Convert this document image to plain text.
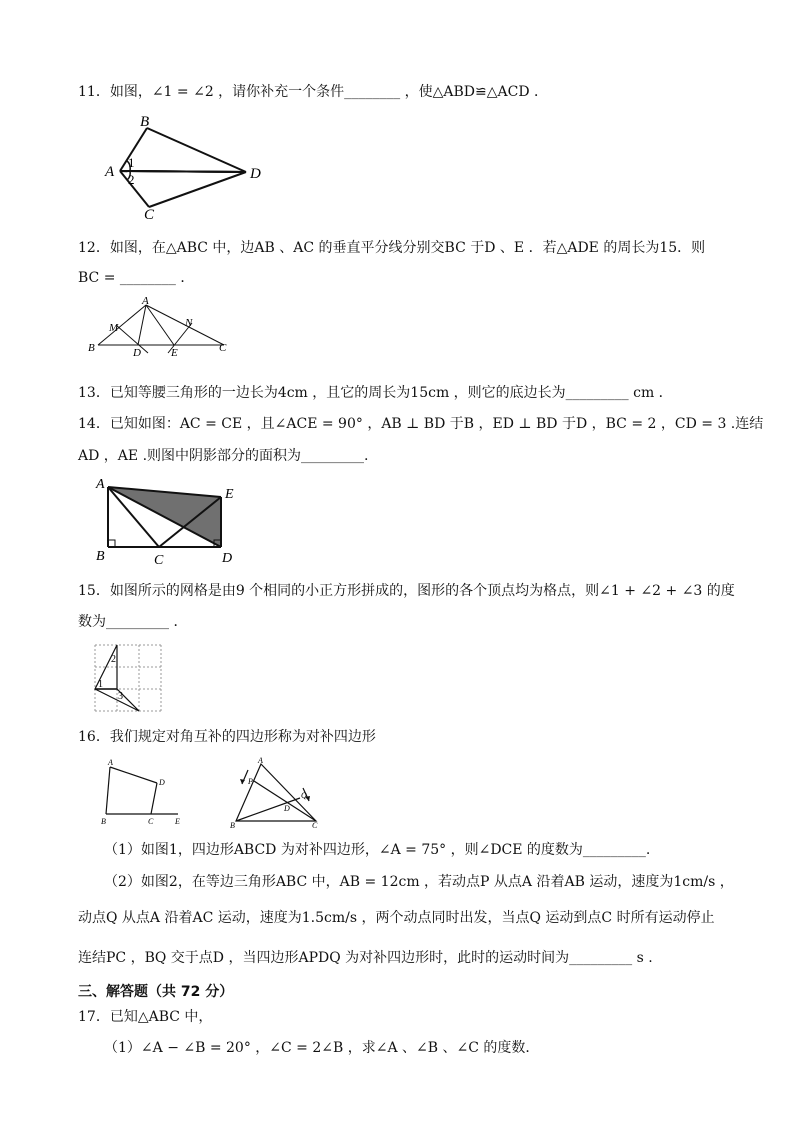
11．如图，∠1 = ∠2 ，请你补充一个条件________ ，使△ABD≌△ACD ．
B
A
C
D
1
2
12．如图，在△ABC 中，边AB 、AC 的垂直平分线分别交BC 于D 、E ．若△ADE 的周长为15．则
BC = ________ ．
A
B	C
D	E
M	N
13．已知等腰三角形的一边长为4cm ，且它的周长为15cm ，则它的底边长为_________ cm ．
14．已知如图：AC = CE ，且∠ACE = 90° ，AB ⊥ BD 于B ，ED ⊥ BD 于D ，BC = 2 ，CD = 3 .连结
AD ，AE .则图中阴影部分的面积为_________.
A
B	C	D
E
15．如图所示的网格是由9 个相同的小正方形拼成的，图形的各个顶点均为格点，则∠1 + ∠2 + ∠3 的度
数为_________ ．
2
1
3
16．我们规定对角互补的四边形称为对补四边形
A
B	C
D
E
A
B	C
D
P
Q
（1）如图1，四边形ABCD 为对补四边形，∠A = 75° ，则∠DCE 的度数为_________.
（2）如图2，在等边三角形ABC 中，AB = 12cm ，若动点P 从点A 沿着AB 运动，速度为1cm/s ，
动点Q 从点A 沿着AC 运动，速度为1.5cm/s ，两个动点同时出发，当点Q 运动到点C 时所有运动停止
连结PC ，BQ 交于点D ，当四边形APDQ 为对补四边形时，此时的运动时间为_________ s .
三、解答题（共 72 分）
17．已知△ABC 中，
（1）∠A − ∠B = 20° ，∠C = 2∠B ，求∠A 、∠B 、∠C 的度数．
